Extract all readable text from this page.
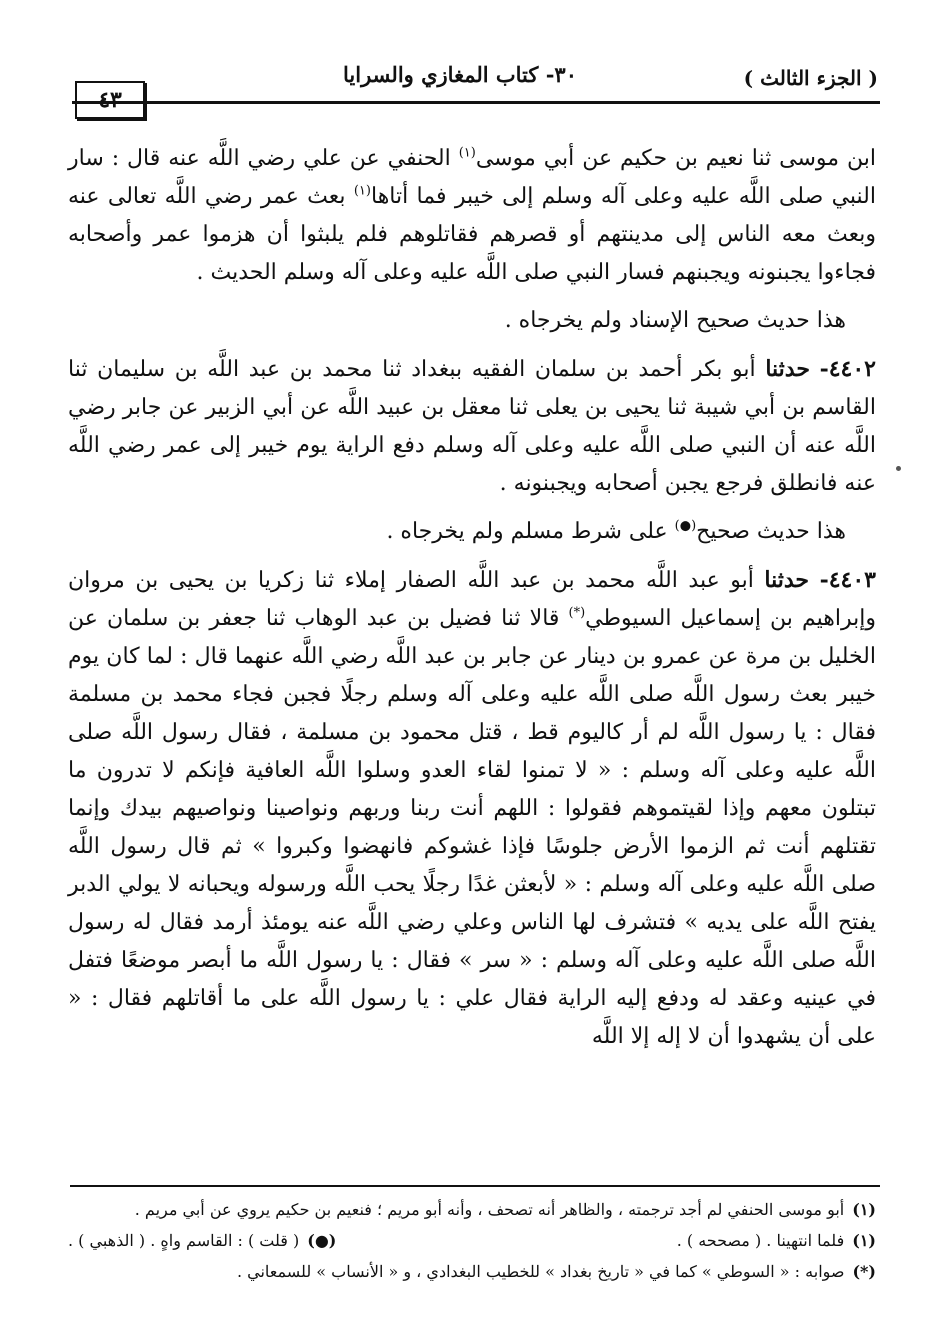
٤٣
٣٠- كتاب المغازي والسرايا	( الجزء الثالث )

ابن موسى ثنا نعيم بن حكيم عن أبي موسى$^{(١)}$ الحنفي عن علي رضي اللَّه عنه قال : سار النبي صلى اللَّه عليه وعلى آله وسلم إلى خيبر فما أتاها$^{(١)}$ بعث عمر رضي اللَّه تعالى عنه وبعث معه الناس إلى مدينتهم أو قصرهم فقاتلوهم فلم يلبثوا أن هزموا عمر وأصحابه فجاءوا يجبنونه ويجبنهم فسار النبي صلى اللَّه عليه وعلى آله وسلم الحديث .

هذا حديث صحيح الإسناد ولم يخرجاه .

٤٤٠٢- حدثنا أبو بكر أحمد بن سلمان الفقيه ببغداد ثنا محمد بن عبد اللَّه بن سليمان ثنا القاسم بن أبي شيبة ثنا يحيى بن يعلى ثنا معقل بن عبيد اللَّه عن أبي الزبير عن جابر رضي اللَّه عنه أن النبي صلى اللَّه عليه وعلى آله وسلم دفع الراية يوم خيبر إلى عمر رضي اللَّه عنه فانطلق فرجع يجبن أصحابه ويجبنونه .

هذا حديث صحيح(●) على شرط مسلم ولم يخرجاه .

٤٤٠٣- حدثنا أبو عبد اللَّه محمد بن عبد اللَّه الصفار إملاء ثنا زكريا بن يحيى بن مروان وإبراهيم بن إسماعيل السيوطي(*) قالا ثنا فضيل بن عبد الوهاب ثنا جعفر بن سلمان عن الخليل بن مرة عن عمرو بن دينار عن جابر بن عبد اللَّه رضي اللَّه عنهما قال : لما كان يوم خيبر بعث رسول اللَّه صلى اللَّه عليه وعلى آله وسلم رجلًا فجبن فجاء محمد بن مسلمة فقال : يا رسول اللَّه لم أر كاليوم قط ، قتل محمود بن مسلمة ، فقال رسول اللَّه صلى اللَّه عليه وعلى آله وسلم : « لا تمنوا لقاء العدو وسلوا اللَّه العافية فإنكم لا تدرون ما تبتلون معهم وإذا لقيتموهم فقولوا : اللهم أنت ربنا وربهم ونواصينا ونواصيهم بيدك وإنما تقتلهم أنت ثم الزموا الأرض جلوسًا فإذا غشوكم فانهضوا وكبروا » ثم قال رسول اللَّه صلى اللَّه عليه وعلى آله وسلم : « لأبعثن غدًا رجلًا يحب اللَّه ورسوله ويحبانه لا يولي الدبر يفتح اللَّه على يديه » فتشرف لها الناس وعلي رضي اللَّه عنه يومئذ أرمد فقال له رسول اللَّه صلى اللَّه عليه وعلى آله وسلم : « سر » فقال : يا رسول اللَّه ما أبصر موضعًا فتفل في عينيه وعقد له ودفع إليه الراية فقال علي : يا رسول اللَّه على ما أقاتلهم فقال : « على أن يشهدوا أن لا إله إلا اللَّه

(١)
أبو موسى الحنفي لم أجد ترجمته ، والظاهر أنه تصحف ، وأنه أبو مريم ؛ فنعيم بن حكيم يروي عن أبي مريم .
(١)
فلما انتهينا . ( مصححه ) .
(●)
( قلت ) : القاسم واهٍ . ( الذهبي ) .
(*)
صوابه : « السوطي » كما في « تاريخ بغداد » للخطيب البغدادي ، و « الأنساب » للسمعاني .
